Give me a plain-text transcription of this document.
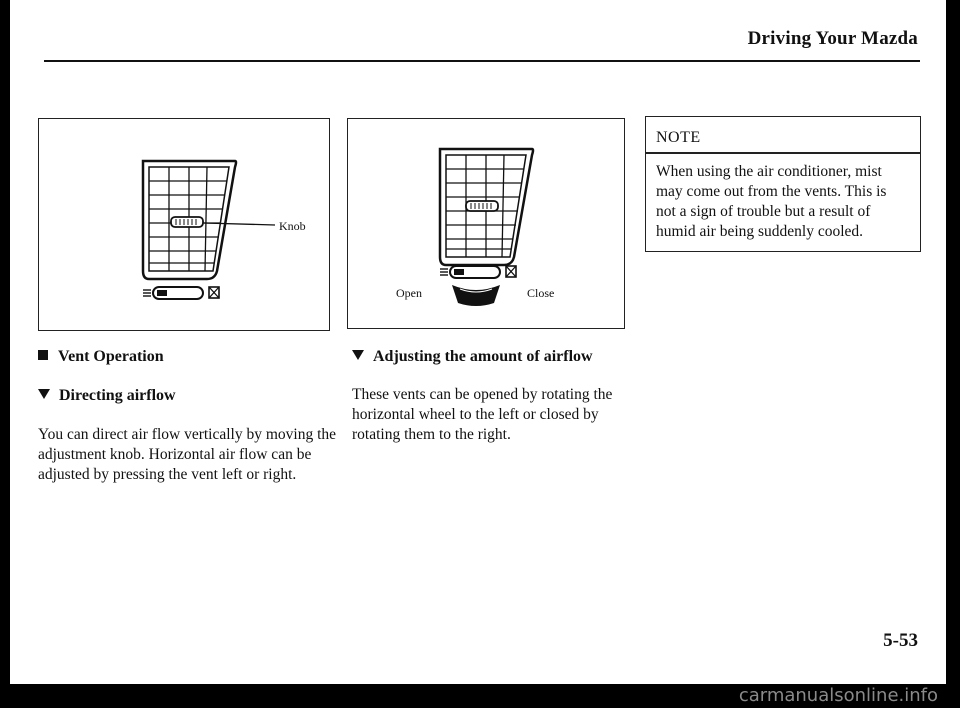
Driving Your Mazda
Knob
Open	Close
NOTE
When using the air conditioner, mist may come out from the vents. This is not a sign of trouble but a result of humid air being suddenly cooled.
Vent Operation
Directing airflow
You can direct air flow vertically by moving the adjustment knob. Horizontal air flow can be adjusted by pressing the vent left or right.
Adjusting the amount of airflow
These vents can be opened by rotating the horizontal wheel to the left or closed by rotating them to the right.
5-53
carmanualsonline.info
